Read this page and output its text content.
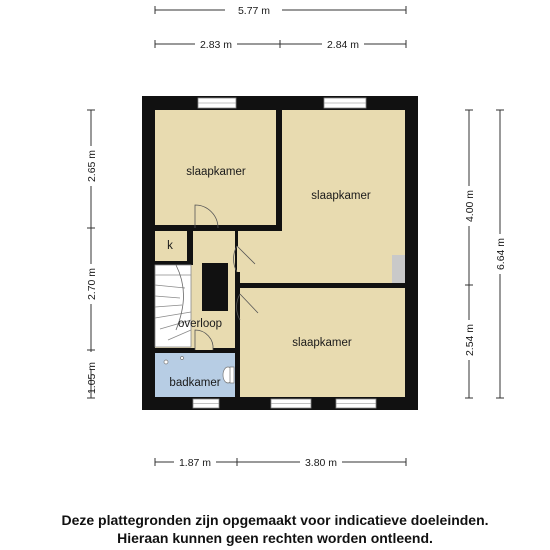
5.77 m
2.83 m	2.84 m
2.65 m
2.70 m
1.05 m
4.00 m
2.54 m
6.64 m
1.87 m	3.80 m
slaapkamer
slaapkamer
slaapkamer
k
overloop
badkamer
Deze plattegronden zijn opgemaakt voor indicatieve doeleinden.
Hieraan kunnen geen rechten worden ontleend.
